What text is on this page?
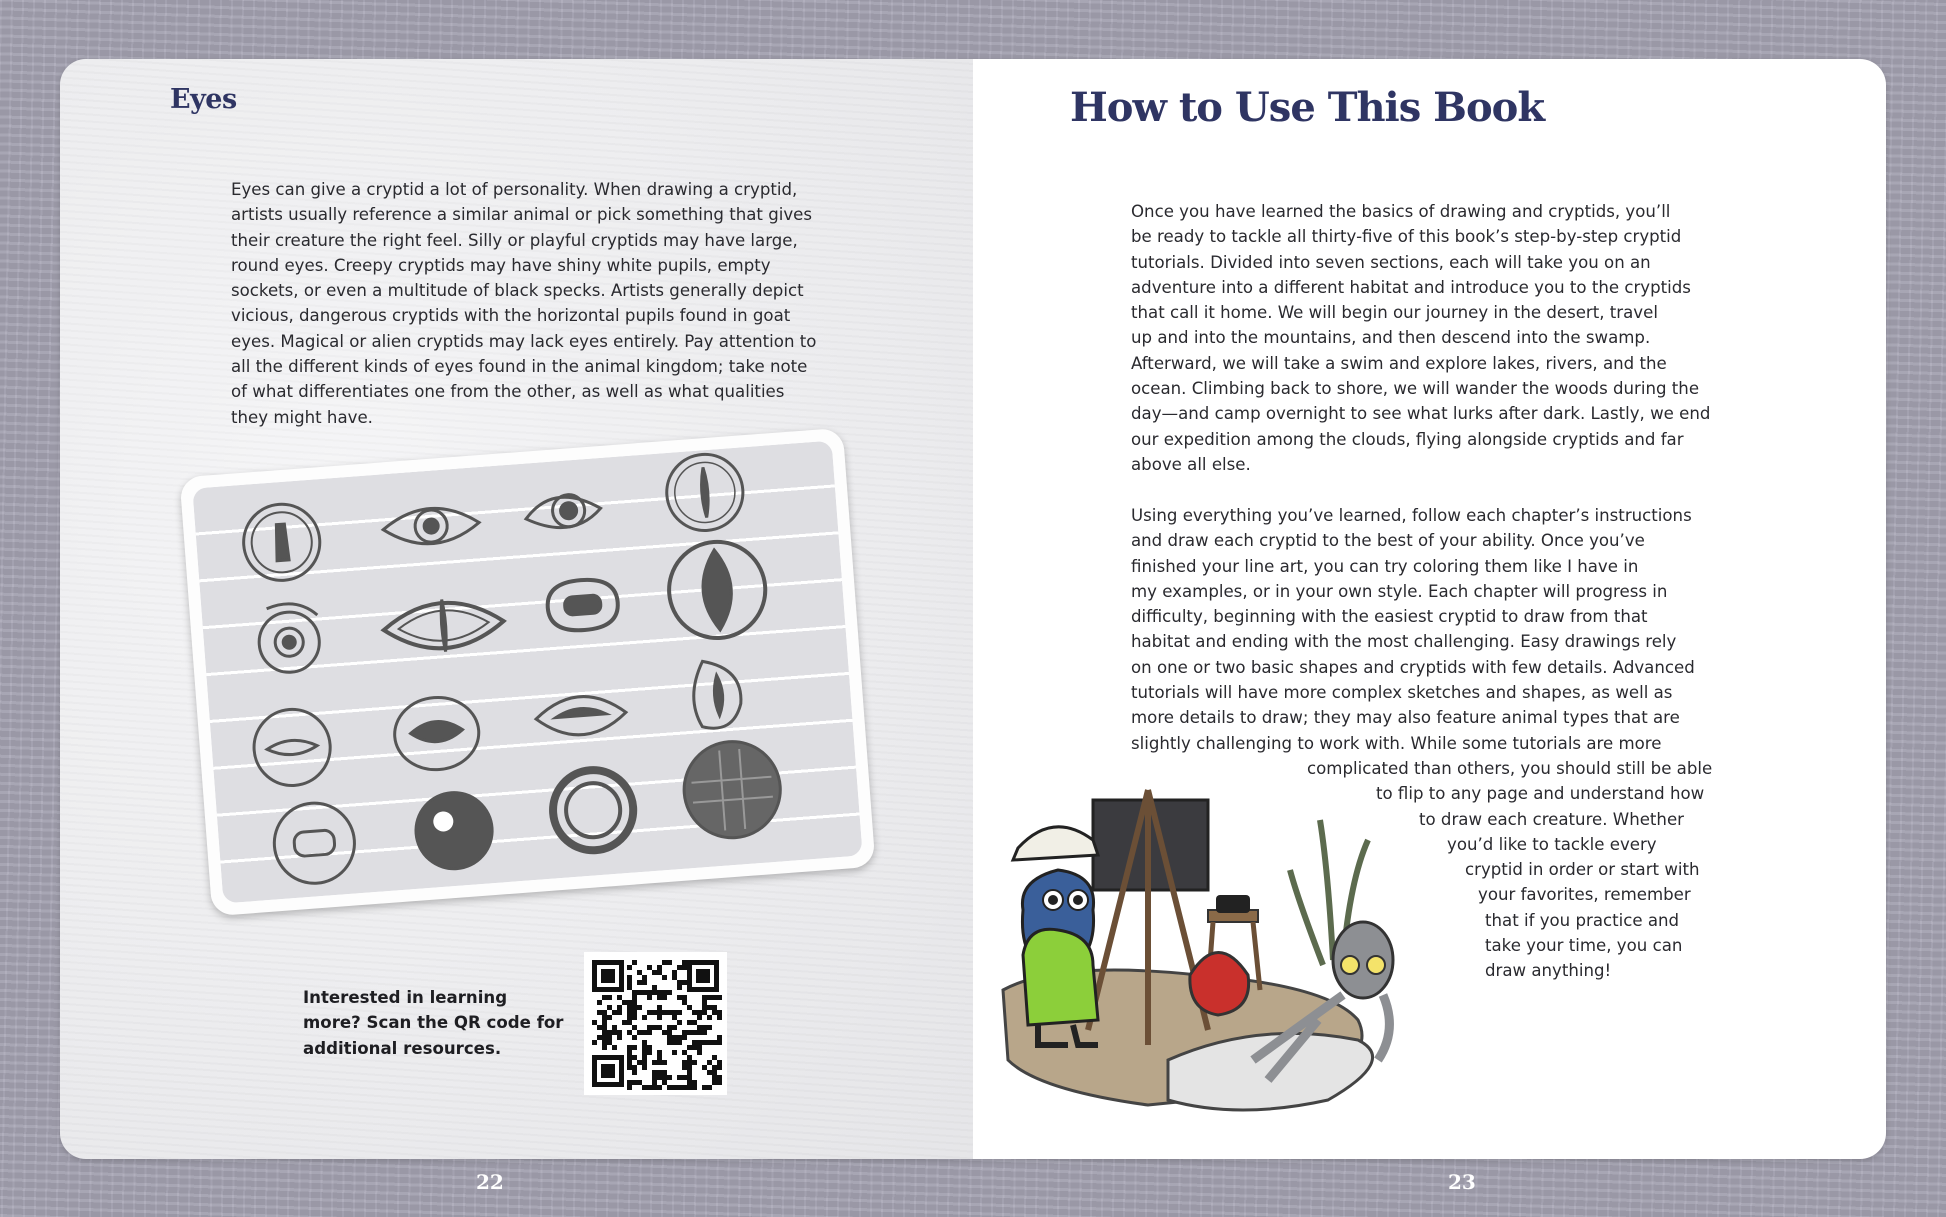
Eyes
Eyes can give a cryptid a lot of personality. When drawing a cryptid,
artists usually reference a similar animal or pick something that gives
their creature the right feel. Silly or playful cryptids may have large,
round eyes. Creepy cryptids may have shiny white pupils, empty
sockets, or even a multitude of black specks. Artists generally depict
vicious, dangerous cryptids with the horizontal pupils found in goat
eyes. Magical or alien cryptids may lack eyes entirely. Pay attention to
all the different kinds of eyes found in the animal kingdom; take note
of what differentiates one from the other, as well as what qualities
they might have.
Interested in learning
more? Scan the QR code for
additional resources.
22
How to Use This Book
Once you have learned the basics of drawing and cryptids, you’ll
be ready to tackle all thirty-five of this book’s step-by-step cryptid
tutorials. Divided into seven sections, each will take you on an
adventure into a different habitat and introduce you to the cryptids
that call it home. We will begin our journey in the desert, travel
up and into the mountains, and then descend into the swamp.
Afterward, we will take a swim and explore lakes, rivers, and the
ocean. Climbing back to shore, we will wander the woods during the
day—and camp overnight to see what lurks after dark. Lastly, we end
our expedition among the clouds, flying alongside cryptids and far
above all else.
Using everything you’ve learned, follow each chapter’s instructions
and draw each cryptid to the best of your ability. Once you’ve
finished your line art, you can try coloring them like I have in
my examples, or in your own style. Each chapter will progress in
difficulty, beginning with the easiest cryptid to draw from that
habitat and ending with the most challenging. Easy drawings rely
on one or two basic shapes and cryptids with few details. Advanced
tutorials will have more complex sketches and shapes, as well as
more details to draw; they may also feature animal types that are
slightly challenging to work with. While some tutorials are more
complicated than others, you should still be able
to flip to any page and understand how
to draw each creature. Whether
you’d like to tackle every
cryptid in order or start with
your favorites, remember
that if you practice and
take your time, you can
draw anything!
23
